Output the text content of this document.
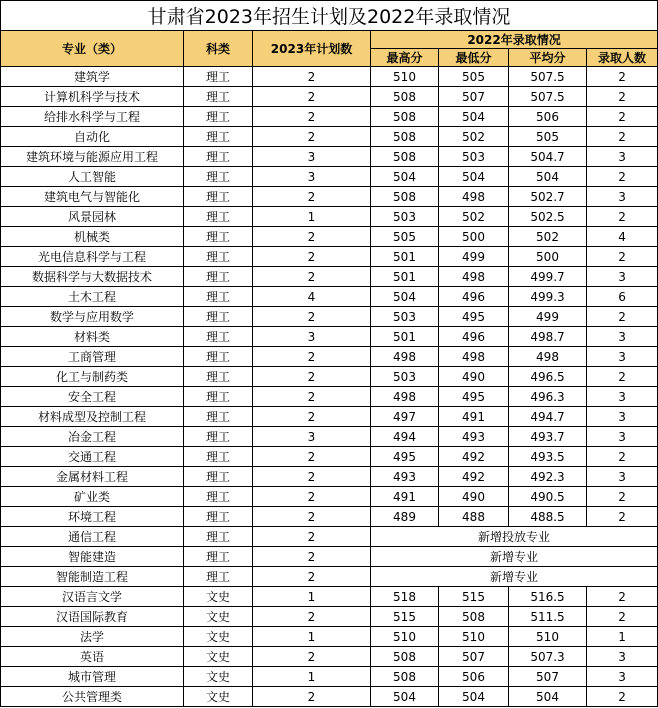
甘肃省2023年招生计划及2022年录取情况						
专业（类）	科类	2023年计划数	2022年录取情况			
			最高分	最低分	平均分	录取人数
建筑学	理工	2	510	505	507.5	2
计算机科学与技术	理工	2	508	507	507.5	2
给排水科学与工程	理工	2	508	504	506	2
自动化	理工	2	508	502	505	2
建筑环境与能源应用工程	理工	3	508	503	504.7	3
人工智能	理工	3	504	504	504	2
建筑电气与智能化	理工	2	508	498	502.7	3
风景园林	理工	1	503	502	502.5	2
机械类	理工	2	505	500	502	4
光电信息科学与工程	理工	2	501	499	500	2
数据科学与大数据技术	理工	2	501	498	499.7	3
土木工程	理工	4	504	496	499.3	6
数学与应用数学	理工	2	503	495	499	2
材料类	理工	3	501	496	498.7	3
工商管理	理工	2	498	498	498	3
化工与制药类	理工	2	503	490	496.5	2
安全工程	理工	2	498	495	496.3	3
材料成型及控制工程	理工	2	497	491	494.7	3
冶金工程	理工	3	494	493	493.7	3
交通工程	理工	2	495	492	493.5	2
金属材料工程	理工	2	493	492	492.3	3
矿业类	理工	2	491	490	490.5	2
环境工程	理工	2	489	488	488.5	2
通信工程	理工	2	新增投放专业			
智能建造	理工	2	新增专业			
智能制造工程	理工	2	新增专业			
汉语言文学	文史	1	518	515	516.5	2
汉语国际教育	文史	2	515	508	511.5	2
法学	文史	1	510	510	510	1
英语	文史	2	508	507	507.3	3
城市管理	文史	1	508	506	507	3
公共管理类	文史	2	504	504	504	2
